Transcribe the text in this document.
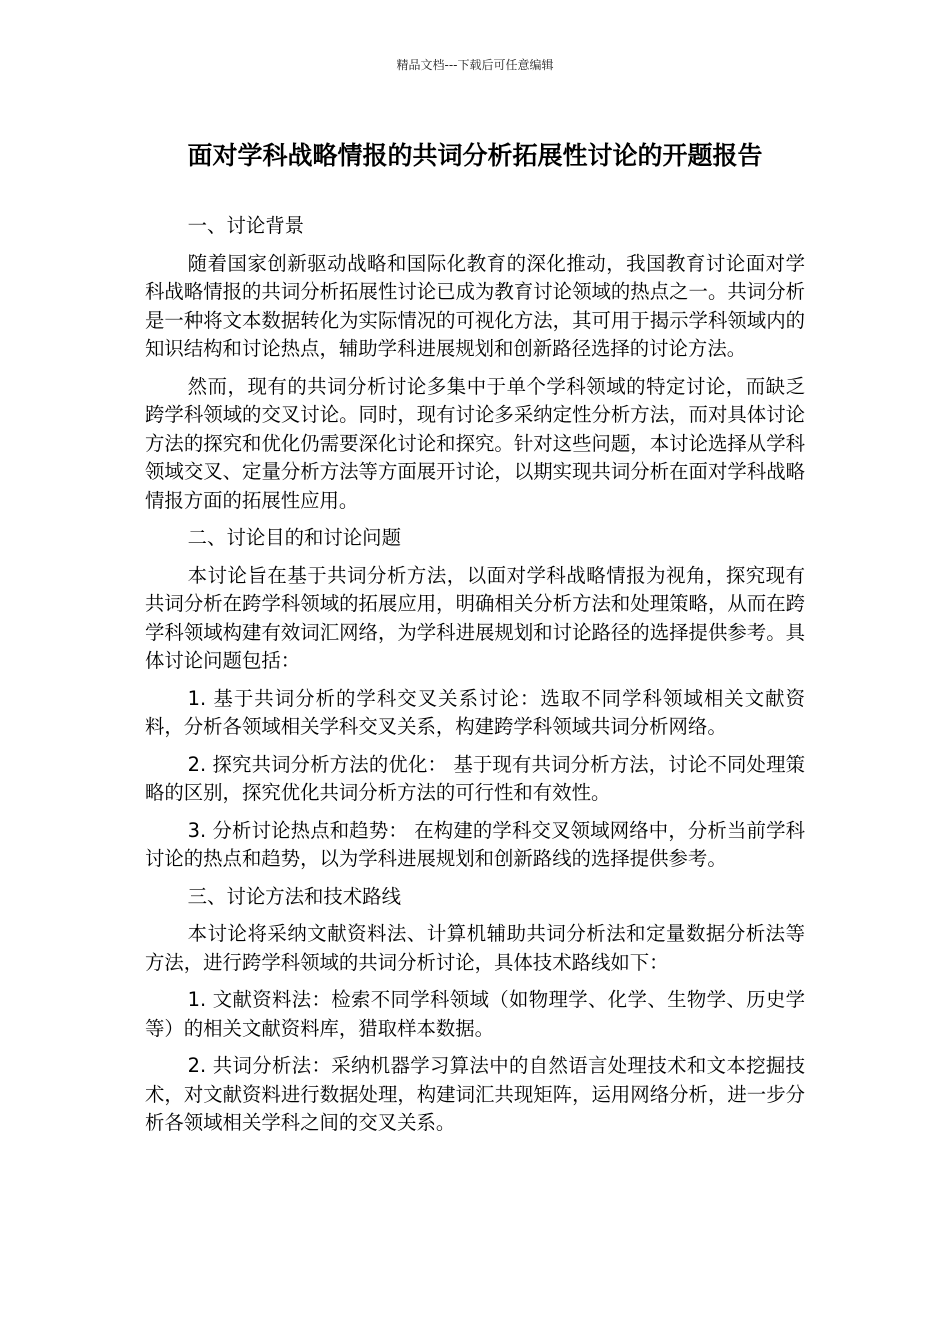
精品文档---下载后可任意编辑
面对学科战略情报的共词分析拓展性讨论的开题报告

一、讨论背景

随着国家创新驱动战略和国际化教育的深化推动，我国教育讨论面对学科战略情报的共词分析拓展性讨论已成为教育讨论领域的热点之一。共词分析是一种将文本数据转化为实际情况的可视化方法，其可用于揭示学科领域内的知识结构和讨论热点，辅助学科进展规划和创新路径选择的讨论方法。

然而，现有的共词分析讨论多集中于单个学科领域的特定讨论，而缺乏跨学科领域的交叉讨论。同时，现有讨论多采纳定性分析方法，而对具体讨论方法的探究和优化仍需要深化讨论和探究。针对这些问题，本讨论选择从学科领域交叉、定量分析方法等方面展开讨论，以期实现共词分析在面对学科战略情报方面的拓展性应用。

二、讨论目的和讨论问题

本讨论旨在基于共词分析方法，以面对学科战略情报为视角，探究现有共词分析在跨学科领域的拓展应用，明确相关分析方法和处理策略，从而在跨学科领域构建有效词汇网络，为学科进展规划和讨论路径的选择提供参考。具体讨论问题包括：

1. 基于共词分析的学科交叉关系讨论：选取不同学科领域相关文献资料，分析各领域相关学科交叉关系，构建跨学科领域共词分析网络。

2. 探究共词分析方法的优化： 基于现有共词分析方法，讨论不同处理策略的区别，探究优化共词分析方法的可行性和有效性。

3. 分析讨论热点和趋势： 在构建的学科交叉领域网络中，分析当前学科讨论的热点和趋势，以为学科进展规划和创新路线的选择提供参考。

三、讨论方法和技术路线

本讨论将采纳文献资料法、计算机辅助共词分析法和定量数据分析法等方法，进行跨学科领域的共词分析讨论，具体技术路线如下：

1. 文献资料法：检索不同学科领域（如物理学、化学、生物学、历史学等）的相关文献资料库，猎取样本数据。

2. 共词分析法：采纳机器学习算法中的自然语言处理技术和文本挖掘技术，对文献资料进行数据处理，构建词汇共现矩阵，运用网络分析，进一步分析各领域相关学科之间的交叉关系。
